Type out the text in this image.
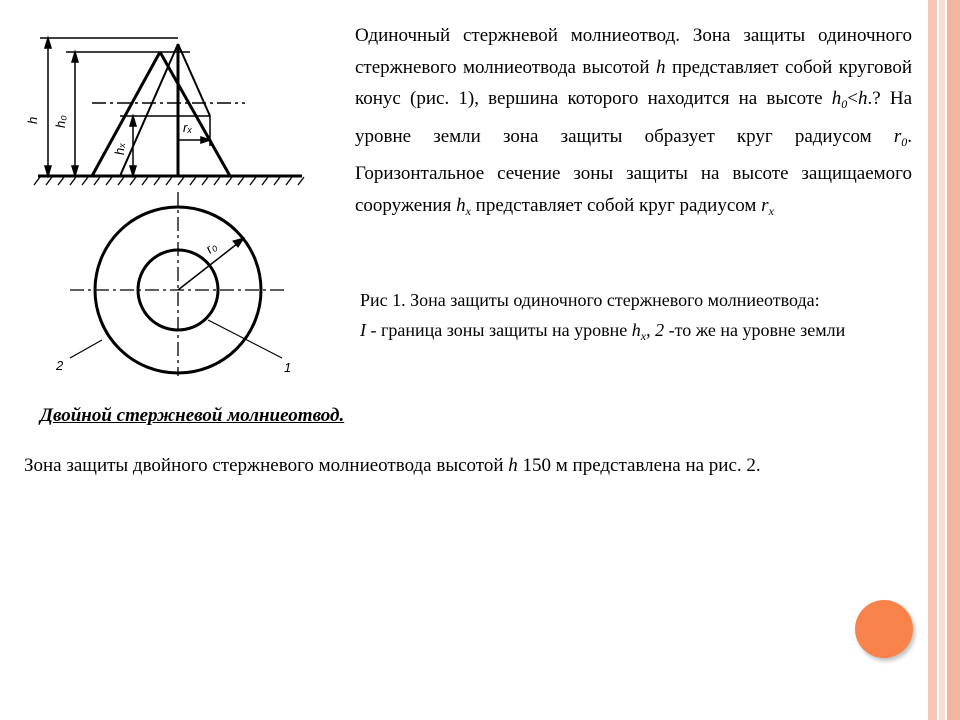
h h₀
hₓ
rₓ
r₀
1
2

Одиночный стержневой молниеотвод. Зона защиты одиночного стержневого молниеотвода высотой h представляет собой круговой конус (рис. 1), вершина которого находится на высоте $h_0<h$.? На уровне земли зона защиты образует круг радиусом $r_0$. Горизонтальное сечение зоны защиты на высоте защищаемого сооружения $h_x$ представляет собой круг радиусом $r_x$

Рис 1. Зона защиты одиночного стержневого молниеотвода:
I - граница зоны защиты на уровне $h_x$, 2 -то же на уровне земли

Двойной стержневой молниеотвод.

Зона защиты двойного стержневого молниеотвода высотой h 150 м представлена на рис. 2.
